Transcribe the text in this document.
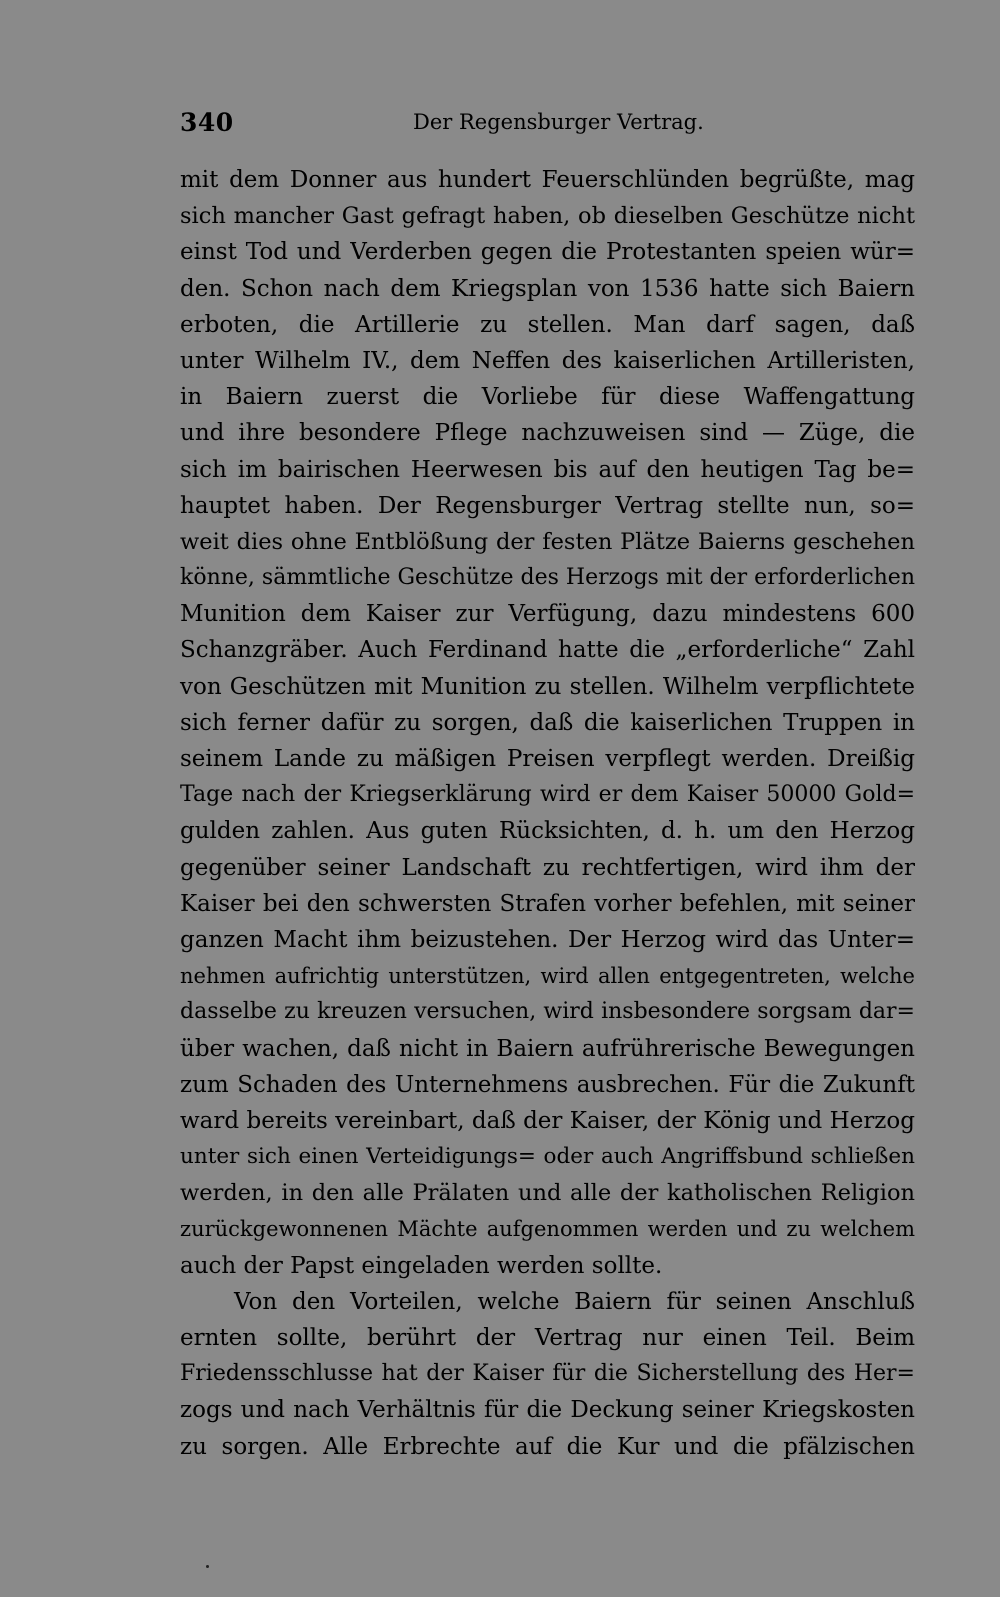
340	Der Regensburger Vertrag.
mit dem Donner aus hundert Feuerschlünden begrüßte, mag
sich mancher Gast gefragt haben, ob dieselben Geschütze nicht
einst Tod und Verderben gegen die Protestanten speien wür=
den. Schon nach dem Kriegsplan von 1536 hatte sich Baiern
erboten, die Artillerie zu stellen. Man darf sagen, daß
unter Wilhelm IV., dem Neffen des kaiserlichen Artilleristen,
in Baiern zuerst die Vorliebe für diese Waffengattung
und ihre besondere Pflege nachzuweisen sind — Züge, die
sich im bairischen Heerwesen bis auf den heutigen Tag be=
hauptet haben. Der Regensburger Vertrag stellte nun, so=
weit dies ohne Entblößung der festen Plätze Baierns geschehen
könne, sämmtliche Geschütze des Herzogs mit der erforderlichen
Munition dem Kaiser zur Verfügung, dazu mindestens 600
Schanzgräber. Auch Ferdinand hatte die „erforderliche“ Zahl
von Geschützen mit Munition zu stellen. Wilhelm verpflichtete
sich ferner dafür zu sorgen, daß die kaiserlichen Truppen in
seinem Lande zu mäßigen Preisen verpflegt werden. Dreißig
Tage nach der Kriegserklärung wird er dem Kaiser 50000 Gold=
gulden zahlen. Aus guten Rücksichten, d. h. um den Herzog
gegenüber seiner Landschaft zu rechtfertigen, wird ihm der
Kaiser bei den schwersten Strafen vorher befehlen, mit seiner
ganzen Macht ihm beizustehen. Der Herzog wird das Unter=
nehmen aufrichtig unterstützen, wird allen entgegentreten, welche
dasselbe zu kreuzen versuchen, wird insbesondere sorgsam dar=
über wachen, daß nicht in Baiern aufrührerische Bewegungen
zum Schaden des Unternehmens ausbrechen. Für die Zukunft
ward bereits vereinbart, daß der Kaiser, der König und Herzog
unter sich einen Verteidigungs= oder auch Angriffsbund schließen
werden, in den alle Prälaten und alle der katholischen Religion
zurückgewonnenen Mächte aufgenommen werden und zu welchem
auch der Papst eingeladen werden sollte.
Von den Vorteilen, welche Baiern für seinen Anschluß
ernten sollte, berührt der Vertrag nur einen Teil. Beim
Friedensschlusse hat der Kaiser für die Sicherstellung des Her=
zogs und nach Verhältnis für die Deckung seiner Kriegskosten
zu sorgen. Alle Erbrechte auf die Kur und die pfälzischen
